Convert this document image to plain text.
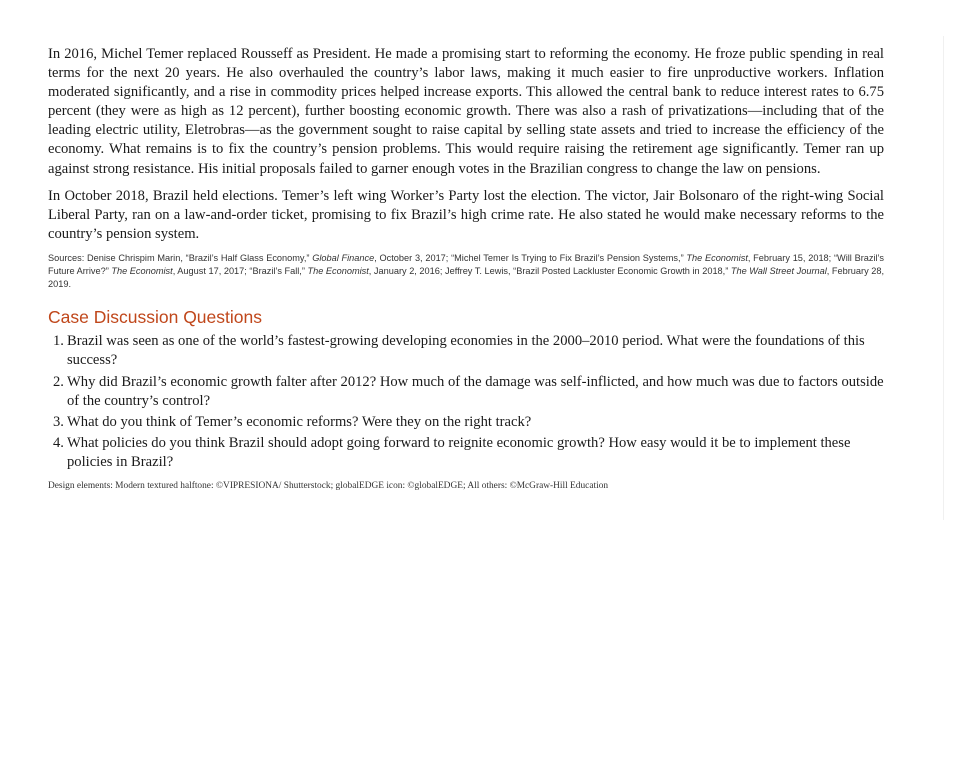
In 2016, Michel Temer replaced Rousseff as President. He made a promising start to reforming the economy. He froze public spending in real terms for the next 20 years. He also overhauled the country’s labor laws, making it much easier to fire unproductive workers. Inflation moderated significantly, and a rise in commodity prices helped increase exports. This allowed the central bank to reduce interest rates to 6.75 percent (they were as high as 12 percent), further boosting economic growth. There was also a rash of privatizations—including that of the leading electric utility, Eletrobras—as the government sought to raise capital by selling state assets and tried to increase the efficiency of the economy. What remains is to fix the country’s pension problems. This would require raising the retirement age significantly. Temer ran up against strong resistance. His initial proposals failed to garner enough votes in the Brazilian congress to change the law on pensions.

In October 2018, Brazil held elections. Temer’s left wing Worker’s Party lost the election. The victor, Jair Bolsonaro of the right-wing Social Liberal Party, ran on a law-and-order ticket, promising to fix Brazil’s high crime rate. He also stated he would make necessary reforms to the country’s pension system.

Sources: Denise Chrispim Marin, “Brazil’s Half Glass Economy,” Global Finance, October 3, 2017; “Michel Temer Is Trying to Fix Brazil’s Pension Systems,” The Economist, February 15, 2018; “Will Brazil’s Future Arrive?” The Economist, August 17, 2017; “Brazil’s Fall,” The Economist, January 2, 2016; Jeffrey T. Lewis, “Brazil Posted Lackluster Economic Growth in 2018,” The Wall Street Journal, February 28, 2019.

Case Discussion Questions
1. Brazil was seen as one of the world’s fastest-growing developing economies in the 2000–2010 period. What were the foundations of this success?
2. Why did Brazil’s economic growth falter after 2012? How much of the damage was self-inflicted, and how much was due to factors outside of the country’s control?
3. What do you think of Temer’s economic reforms? Were they on the right track?
4. What policies do you think Brazil should adopt going forward to reignite economic growth? How easy would it be to implement these policies in Brazil?

Design elements: Modern textured halftone: ©VIPRESIONA/ Shutterstock; globalEDGE icon: ©globalEDGE; All others: ©McGraw-Hill Education
